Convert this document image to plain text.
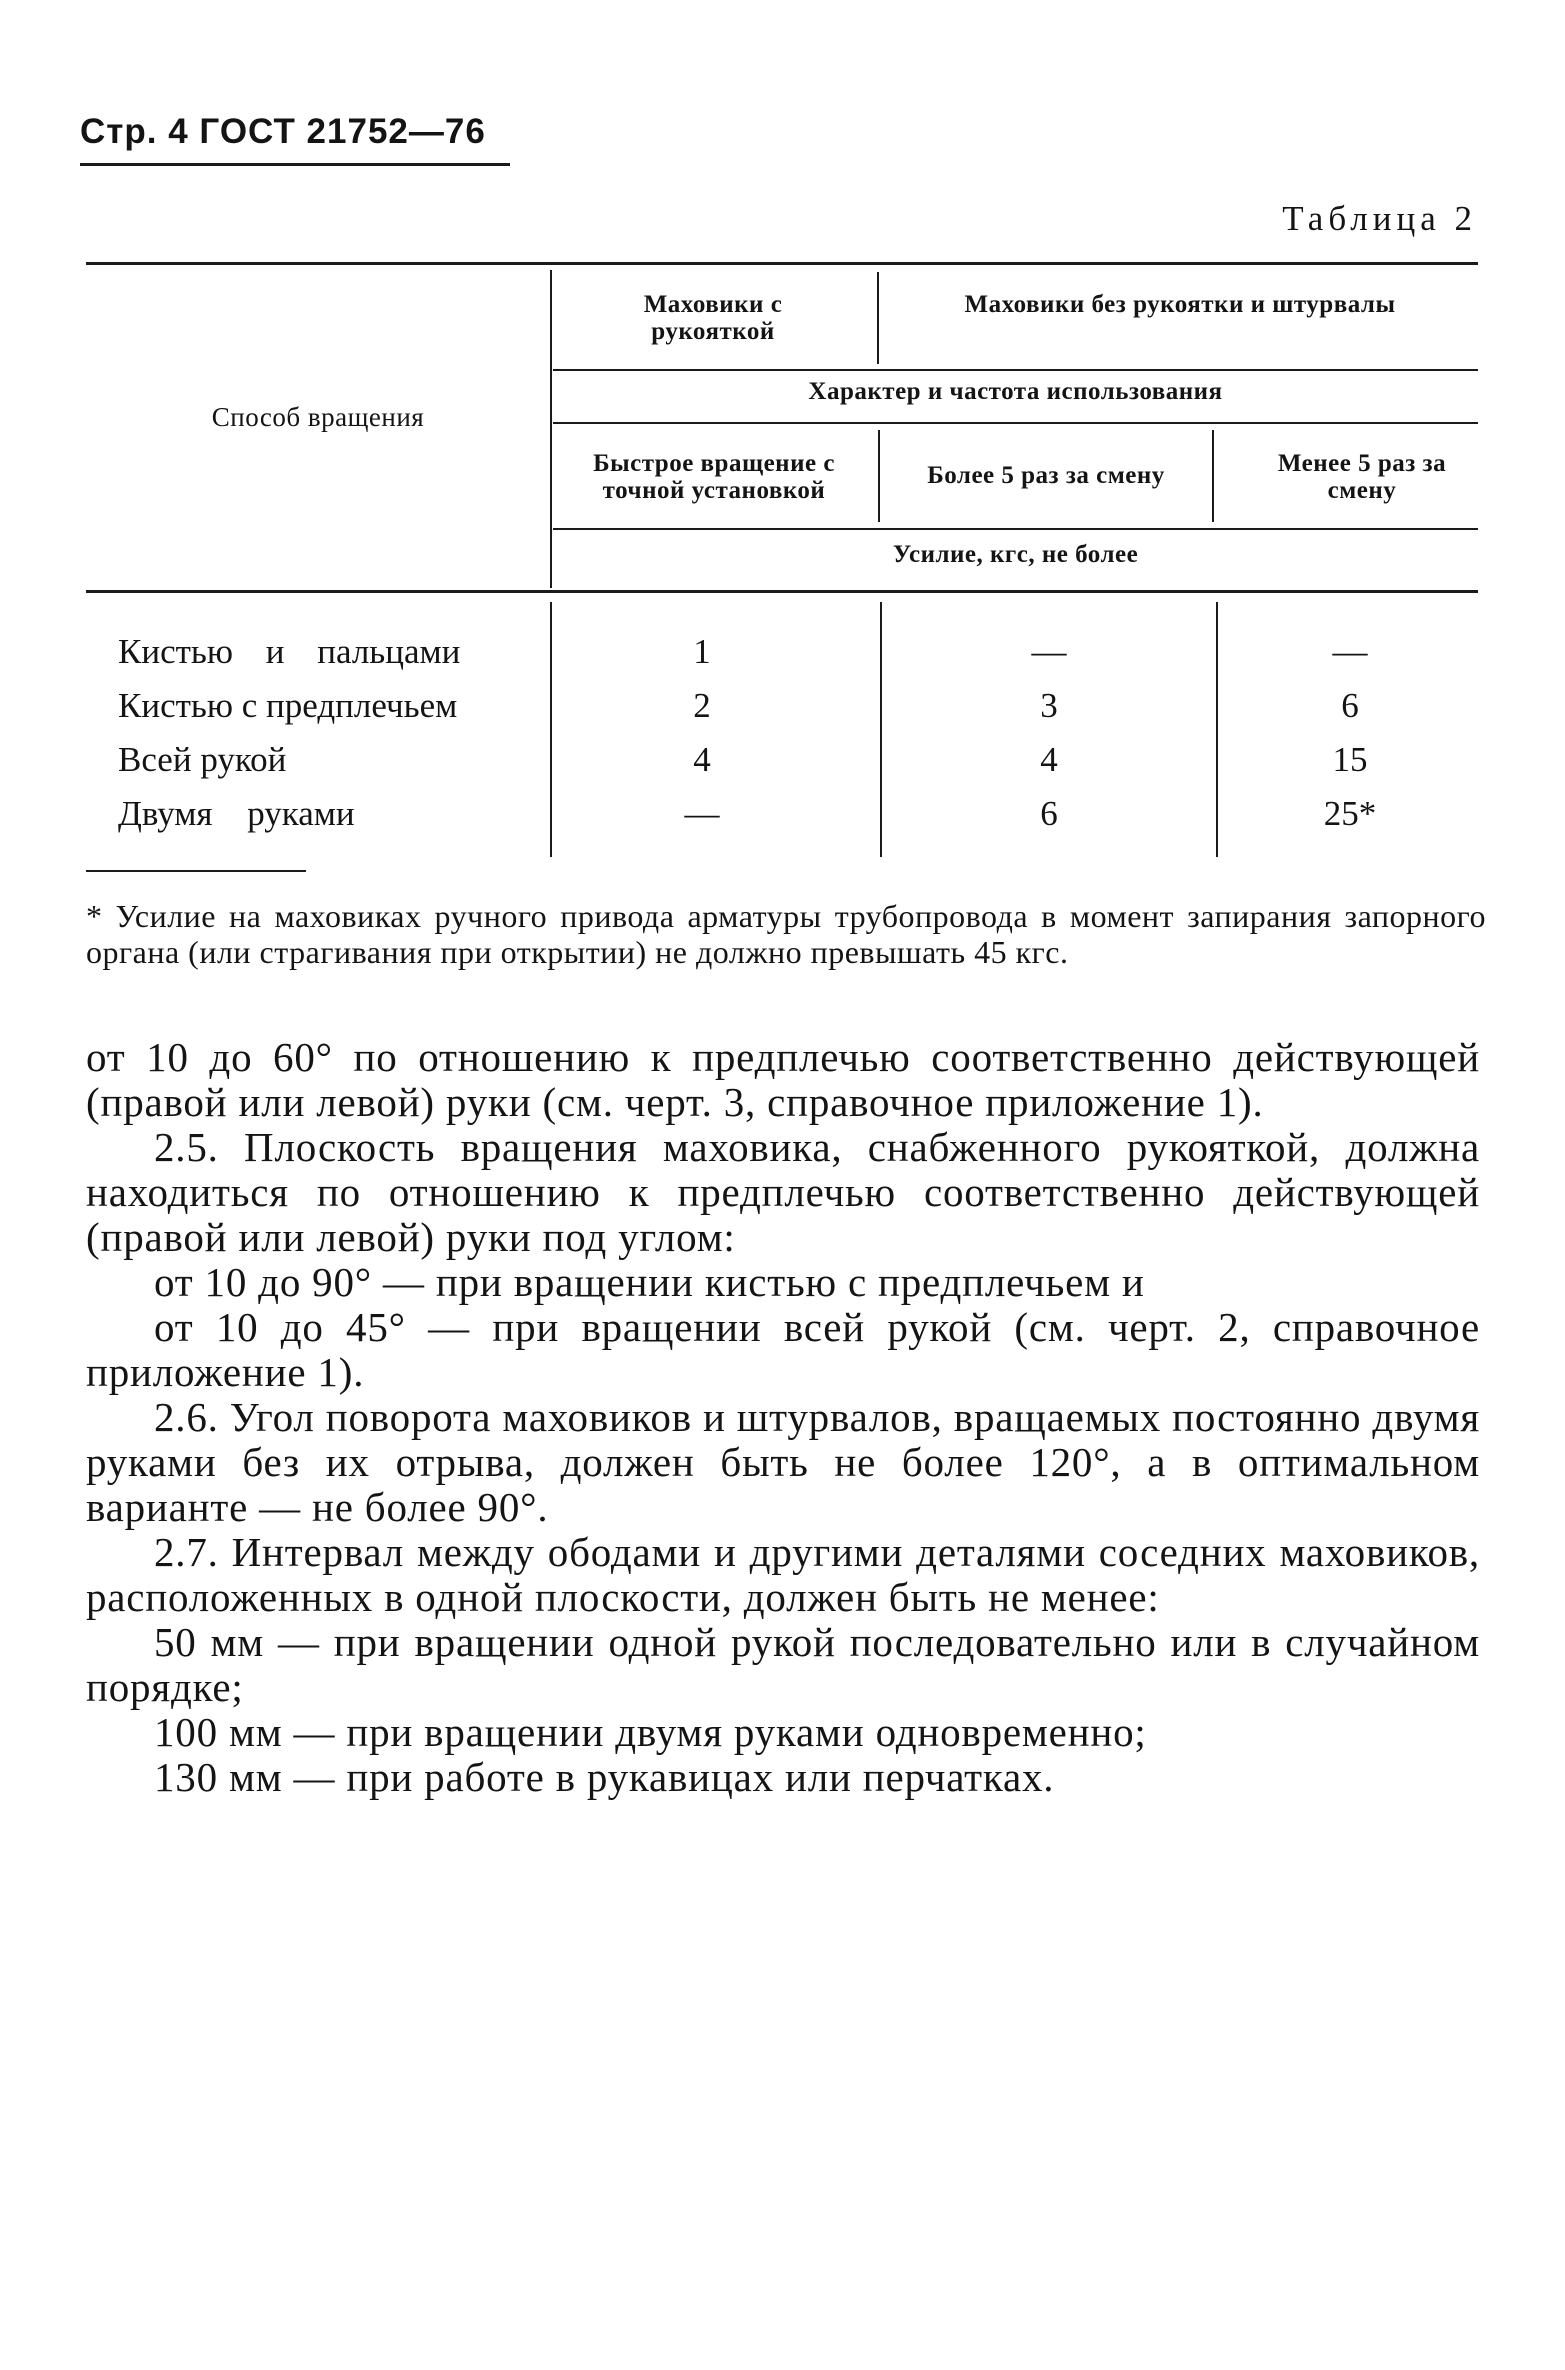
Стр. 4 ГОСТ 21752—76
Таблица 2
Способ вращения
Маховики с рукояткой
Маховики без рукоятки и штурвалы
Характер и частота использования
Быстрое вращение с точной установкой
Более 5 раз за смену	Менее 5 раз за смену
Усилие, кгс, не более
Кистью и пальцами	1	—	—
Кистью с предплечьем	2	3	6
Всей рукой	4	4	15
Двумя руками	—	6	25*
* Усилие на маховиках ручного привода арматуры трубопровода в момент запирания запорного органа (или страгивания при открытии) не должно превышать 45 кгс.

от 10 до 60° по отношению к предплечью соответственно действующей (правой или левой) руки (см. черт. 3, справочное приложение 1).

2.5. Плоскость вращения маховика, снабженного рукояткой, должна находиться по отношению к предплечью соответственно действующей (правой или левой) руки под углом:

от 10 до 90° — при вращении кистью с предплечьем и

от 10 до 45° — при вращении всей рукой (см. черт. 2, справочное приложение 1).

2.6. Угол поворота маховиков и штурвалов, вращаемых постоянно двумя руками без их отрыва, должен быть не более 120°, а в оптимальном варианте — не более 90°.

2.7. Интервал между ободами и другими деталями соседних маховиков, расположенных в одной плоскости, должен быть не менее:

50 мм — при вращении одной рукой последовательно или в случайном порядке;

100 мм — при вращении двумя руками одновременно;

130 мм — при работе в рукавицах или перчатках.
